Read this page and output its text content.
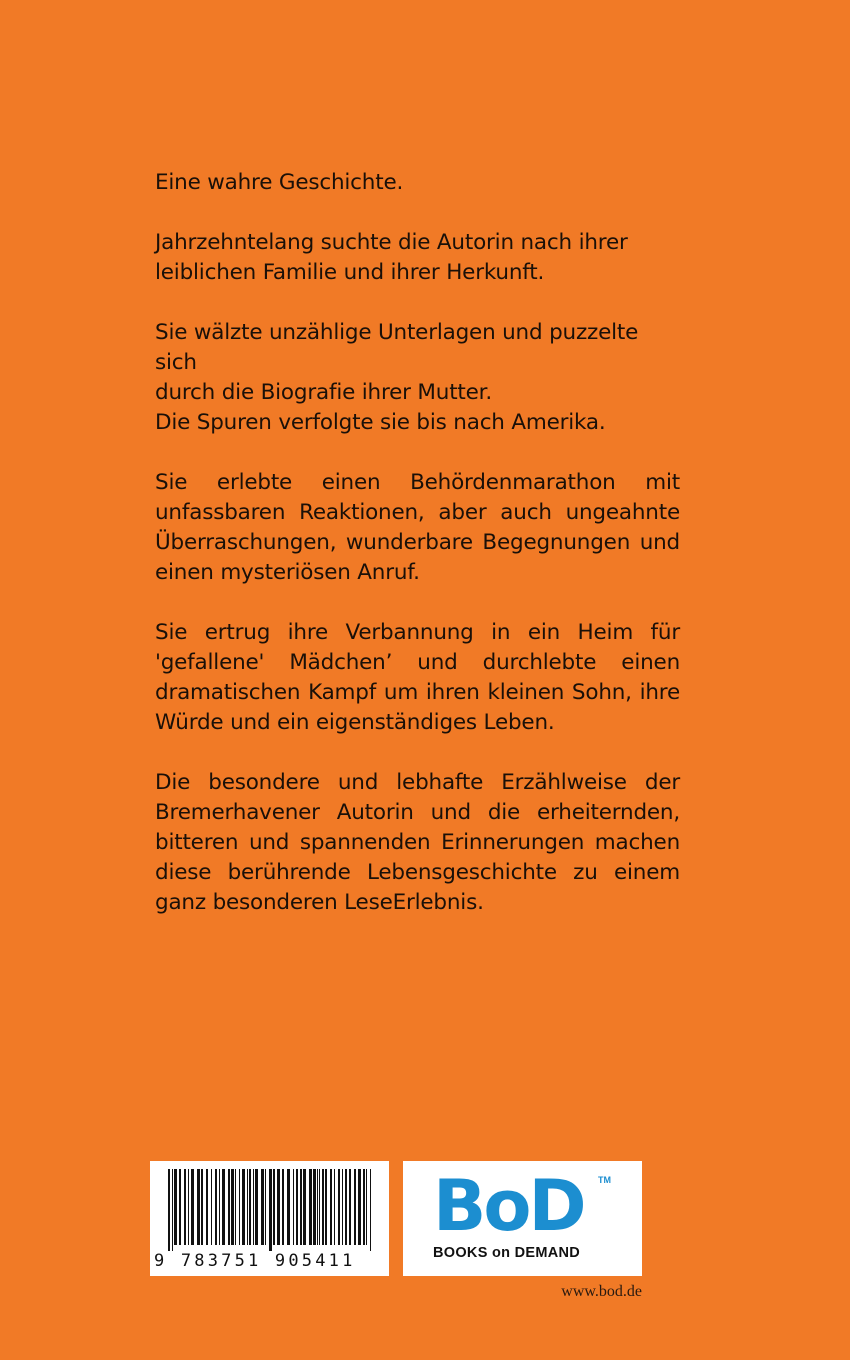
Eine wahre Geschichte.

Jahrzehntelang suchte die Autorin nach ihrer
leiblichen Familie und ihrer Herkunft.

Sie wälzte unzählige Unterlagen und puzzelte sich
durch die Biografie ihrer Mutter.
Die Spuren verfolgte sie bis nach Amerika.

Sie erlebte einen Behördenmarathon mit
unfassbaren Reaktionen, aber auch ungeahnte
Überraschungen, wunderbare Begegnungen und
einen mysteriösen Anruf.

Sie ertrug ihre Verbannung in ein Heim für
'gefallene' Mädchen’ und durchlebte einen
dramatischen Kampf um ihren kleinen Sohn, ihre
Würde und ein eigenständiges Leben.

Die besondere und lebhafte Erzählweise der
Bremerhavener Autorin und die erheiternden,
bitteren und spannenden Erinnerungen machen
diese berührende Lebensgeschichte zu einem
ganz besonderen LeseErlebnis.

9 783751 905411
BoD TM
BOOKS on DEMAND
www.bod.de
